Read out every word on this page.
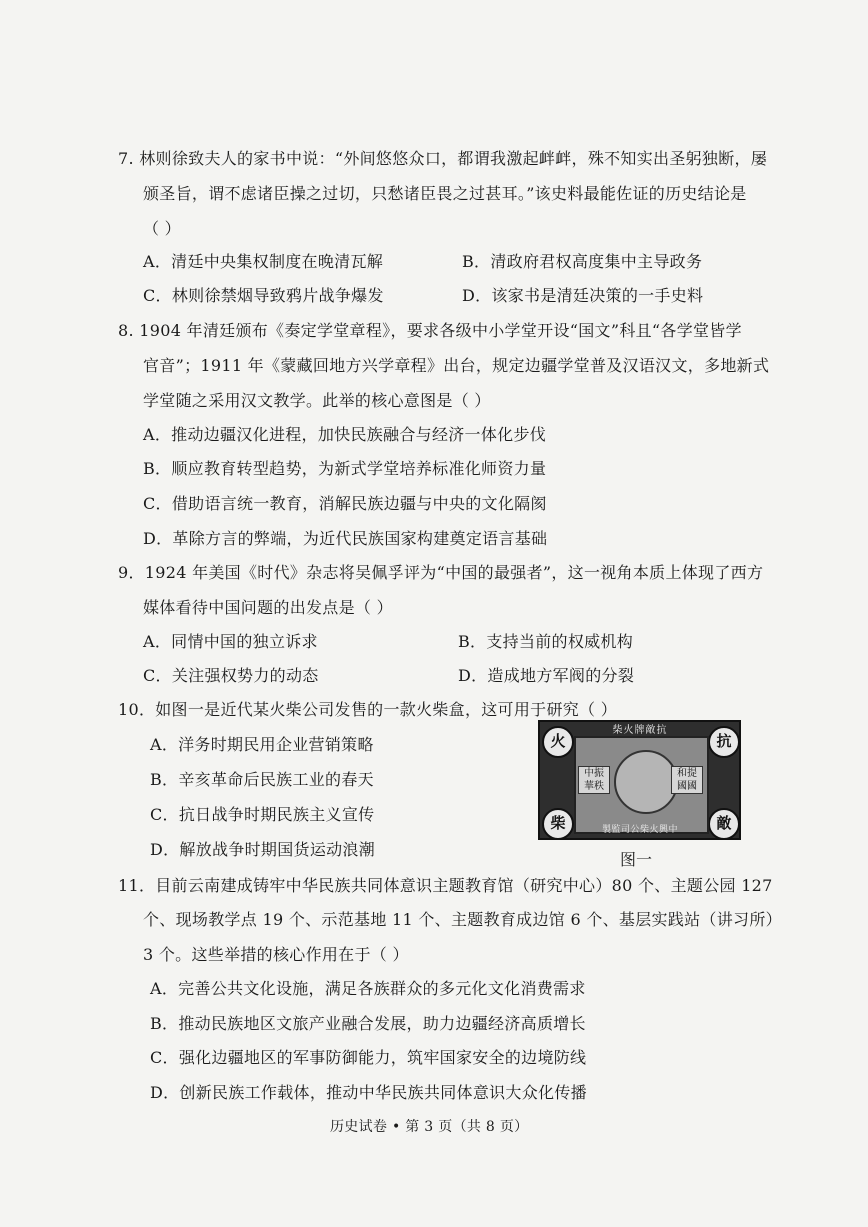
7. 林则徐致夫人的家书中说：“外间悠悠众口，都谓我激起衅衅，殊不知实出圣躬独断，屡
颁圣旨，谓不虑诸臣操之过切，只愁诸臣畏之过甚耳。”该史料最能佐证的历史结论是
（ ）
A．清廷中央集权制度在晚清瓦解	B．清政府君权高度集中主导政务
C．林则徐禁烟导致鸦片战争爆发	D．该家书是清廷决策的一手史料
8. 1904 年清廷颁布《奏定学堂章程》，要求各级中小学堂开设“国文”科且“各学堂皆学
官音”；1911 年《蒙藏回地方兴学章程》出台，规定边疆学堂普及汉语汉文，多地新式
学堂随之采用汉文教学。此举的核心意图是（ ）
A．推动边疆汉化进程，加快民族融合与经济一体化步伐
B．顺应教育转型趋势，为新式学堂培养标准化师资力量
C．借助语言统一教育，消解民族边疆与中央的文化隔阂
D．革除方言的弊端，为近代民族国家构建奠定语言基础
9．1924 年美国《时代》杂志将吴佩孚评为“中国的最强者”，这一视角本质上体现了西方
媒体看待中国问题的出发点是（ ）
A．同情中国的独立诉求	B．支持当前的权威机构
C．关注强权势力的动态	D．造成地方军阀的分裂
10．如图一是近代某火柴公司发售的一款火柴盒，这可用于研究（ ）
A．洋务时期民用企业营销策略
B．辛亥革命后民族工业的春天
C．抗日战争时期民族主义宣传
D．解放战争时期国货运动浪潮
柴火牌敵抗
火	抗
柴	敵
中振 華秩
和提 國國
製監司公柴火興中
图一
11．目前云南建成铸牢中华民族共同体意识主题教育馆（研究中心）80 个、主题公园 127
个、现场教学点 19 个、示范基地 11 个、主题教育成边馆 6 个、基层实践站（讲习所）
3 个。这些举措的核心作用在于（ ）
A．完善公共文化设施，满足各族群众的多元化文化消费需求
B．推动民族地区文旅产业融合发展，助力边疆经济高质增长
C．强化边疆地区的军事防御能力，筑牢国家安全的边境防线
D．创新民族工作载体，推动中华民族共同体意识大众化传播
历史试卷 • 第 3 页（共 8 页）
